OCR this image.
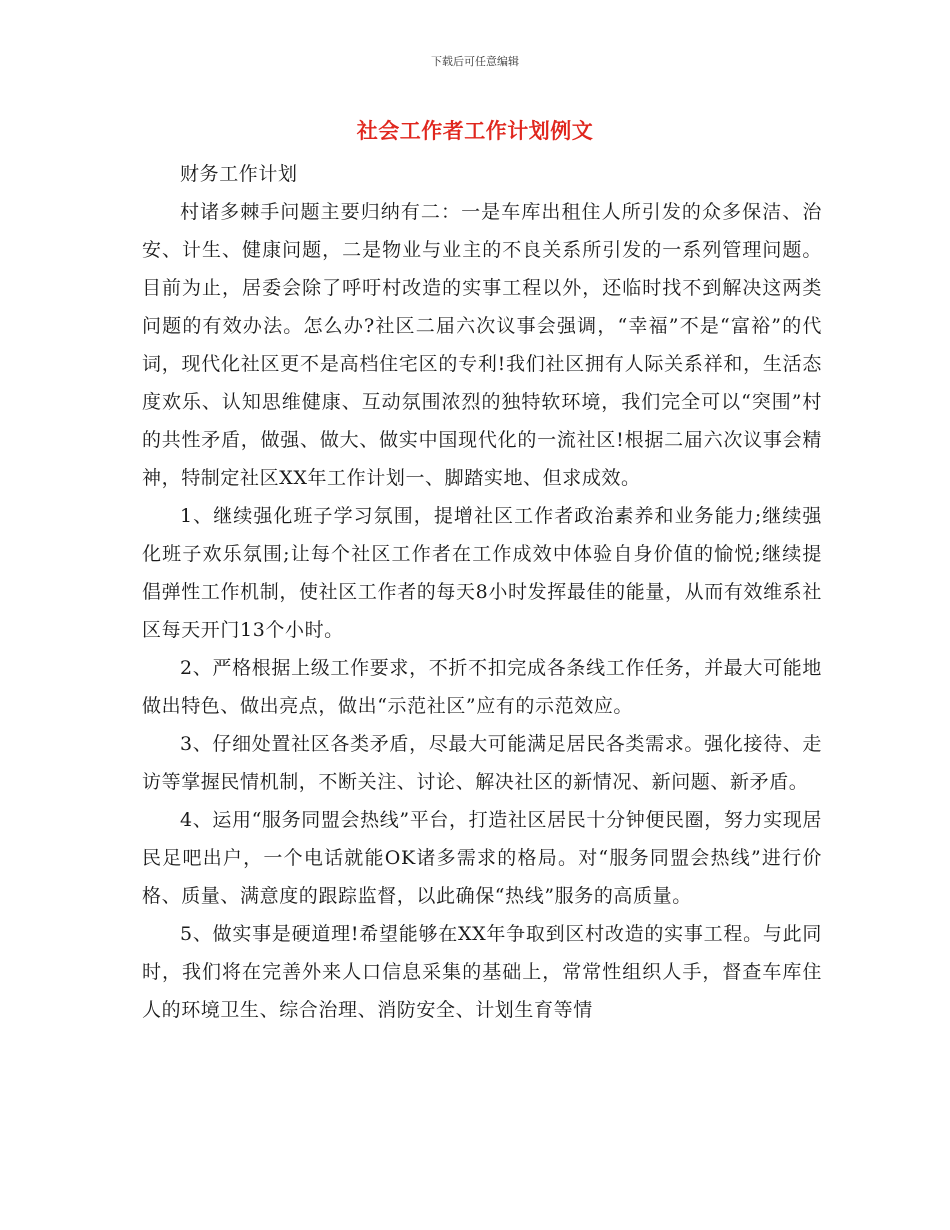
下载后可任意编辑
社会工作者工作计划例文

财务工作计划

村诸多棘手问题主要归纳有二：一是车库出租住人所引发的众多保洁、治安、计生、健康问题，二是物业与业主的不良关系所引发的一系列管理问题。目前为止，居委会除了呼吁村改造的实事工程以外，还临时找不到解决这两类问题的有效办法。怎么办?社区二届六次议事会强调，“幸福”不是“富裕”的代词，现代化社区更不是高档住宅区的专利!我们社区拥有人际关系祥和，生活态度欢乐、认知思维健康、互动氛围浓烈的独特软环境，我们完全可以“突围”村的共性矛盾，做强、做大、做实中国现代化的一流社区!根据二届六次议事会精神，特制定社区XX年工作计划一、脚踏实地、但求成效。

1、继续强化班子学习氛围，提增社区工作者政治素养和业务能力;继续强化班子欢乐氛围;让每个社区工作者在工作成效中体验自身价值的愉悦;继续提倡弹性工作机制，使社区工作者的每天8小时发挥最佳的能量，从而有效维系社区每天开门13个小时。

2、严格根据上级工作要求，不折不扣完成各条线工作任务，并最大可能地做出特色、做出亮点，做出“示范社区”应有的示范效应。

3、仔细处置社区各类矛盾，尽最大可能满足居民各类需求。强化接待、走访等掌握民情机制，不断关注、讨论、解决社区的新情况、新问题、新矛盾。

4、运用“服务同盟会热线”平台，打造社区居民十分钟便民圈，努力实现居民足吧出户，一个电话就能OK诸多需求的格局。对“服务同盟会热线”进行价格、质量、满意度的跟踪监督，以此确保“热线”服务的高质量。

5、做实事是硬道理!希望能够在XX年争取到区村改造的实事工程。与此同时，我们将在完善外来人口信息采集的基础上，常常性组织人手，督查车库住人的环境卫生、综合治理、消防安全、计划生育等情
